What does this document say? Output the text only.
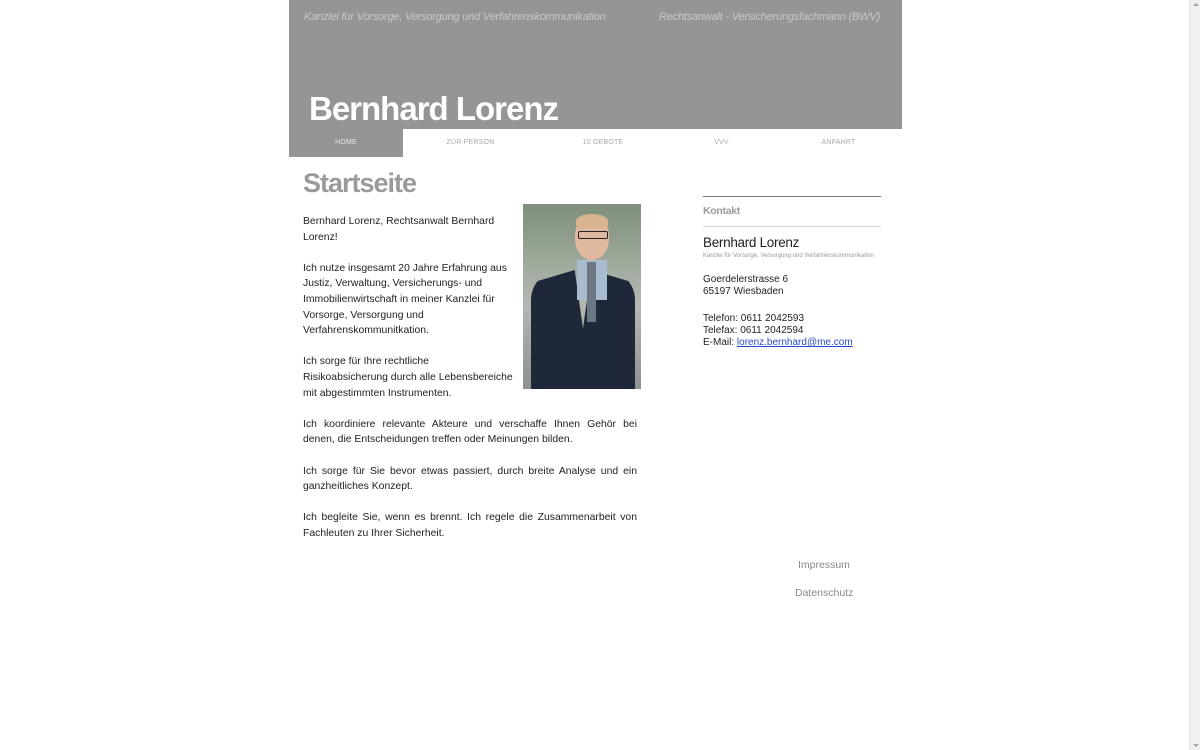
Kanzlei für Vorsorge, Versorgung und Verfahrenskommunikation	Rechtsanwalt - Versicherungsfachmann (BWV)
Bernhard Lorenz
HOME	ZUR PERSON	10 GEBOTE	VVV	ANFAHRT
Startseite

Bernhard Lorenz, Rechtsanwalt Bernhard Lorenz!

Ich nutze insgesamt 20 Jahre Erfahrung aus Justiz, Verwaltung, Versicherungs- und Immobilienwirtschaft in meiner Kanzlei für Vorsorge, Versorgung und Verfahrenskommunitkation.

Ich sorge für Ihre rechtliche Risikoabsicherung durch alle Lebensbereiche mit abgestimmten Instrumenten.

Ich koordiniere relevante Akteure und verschaffe Ihnen Gehör bei denen, die Entscheidungen treffen oder Meinungen bilden.

Ich sorge für Sie bevor etwas passiert, durch breite Analyse und ein ganzheitliches Konzept.

Ich begleite Sie, wenn es brennt. Ich regele die Zusammenarbeit von Fachleuten zu Ihrer Sicherheit.

Kontakt
Bernhard Lorenz
Kanzlei für Vorsorge, Versorgung und Verfahrenskommunikation
Goerdelerstrasse 6
65197 Wiesbaden
Telefon: 0611 2042593
Telefax: 0611 2042594
E-Mail: lorenz.bernhard@me.com
Impressum
Datenschutz
